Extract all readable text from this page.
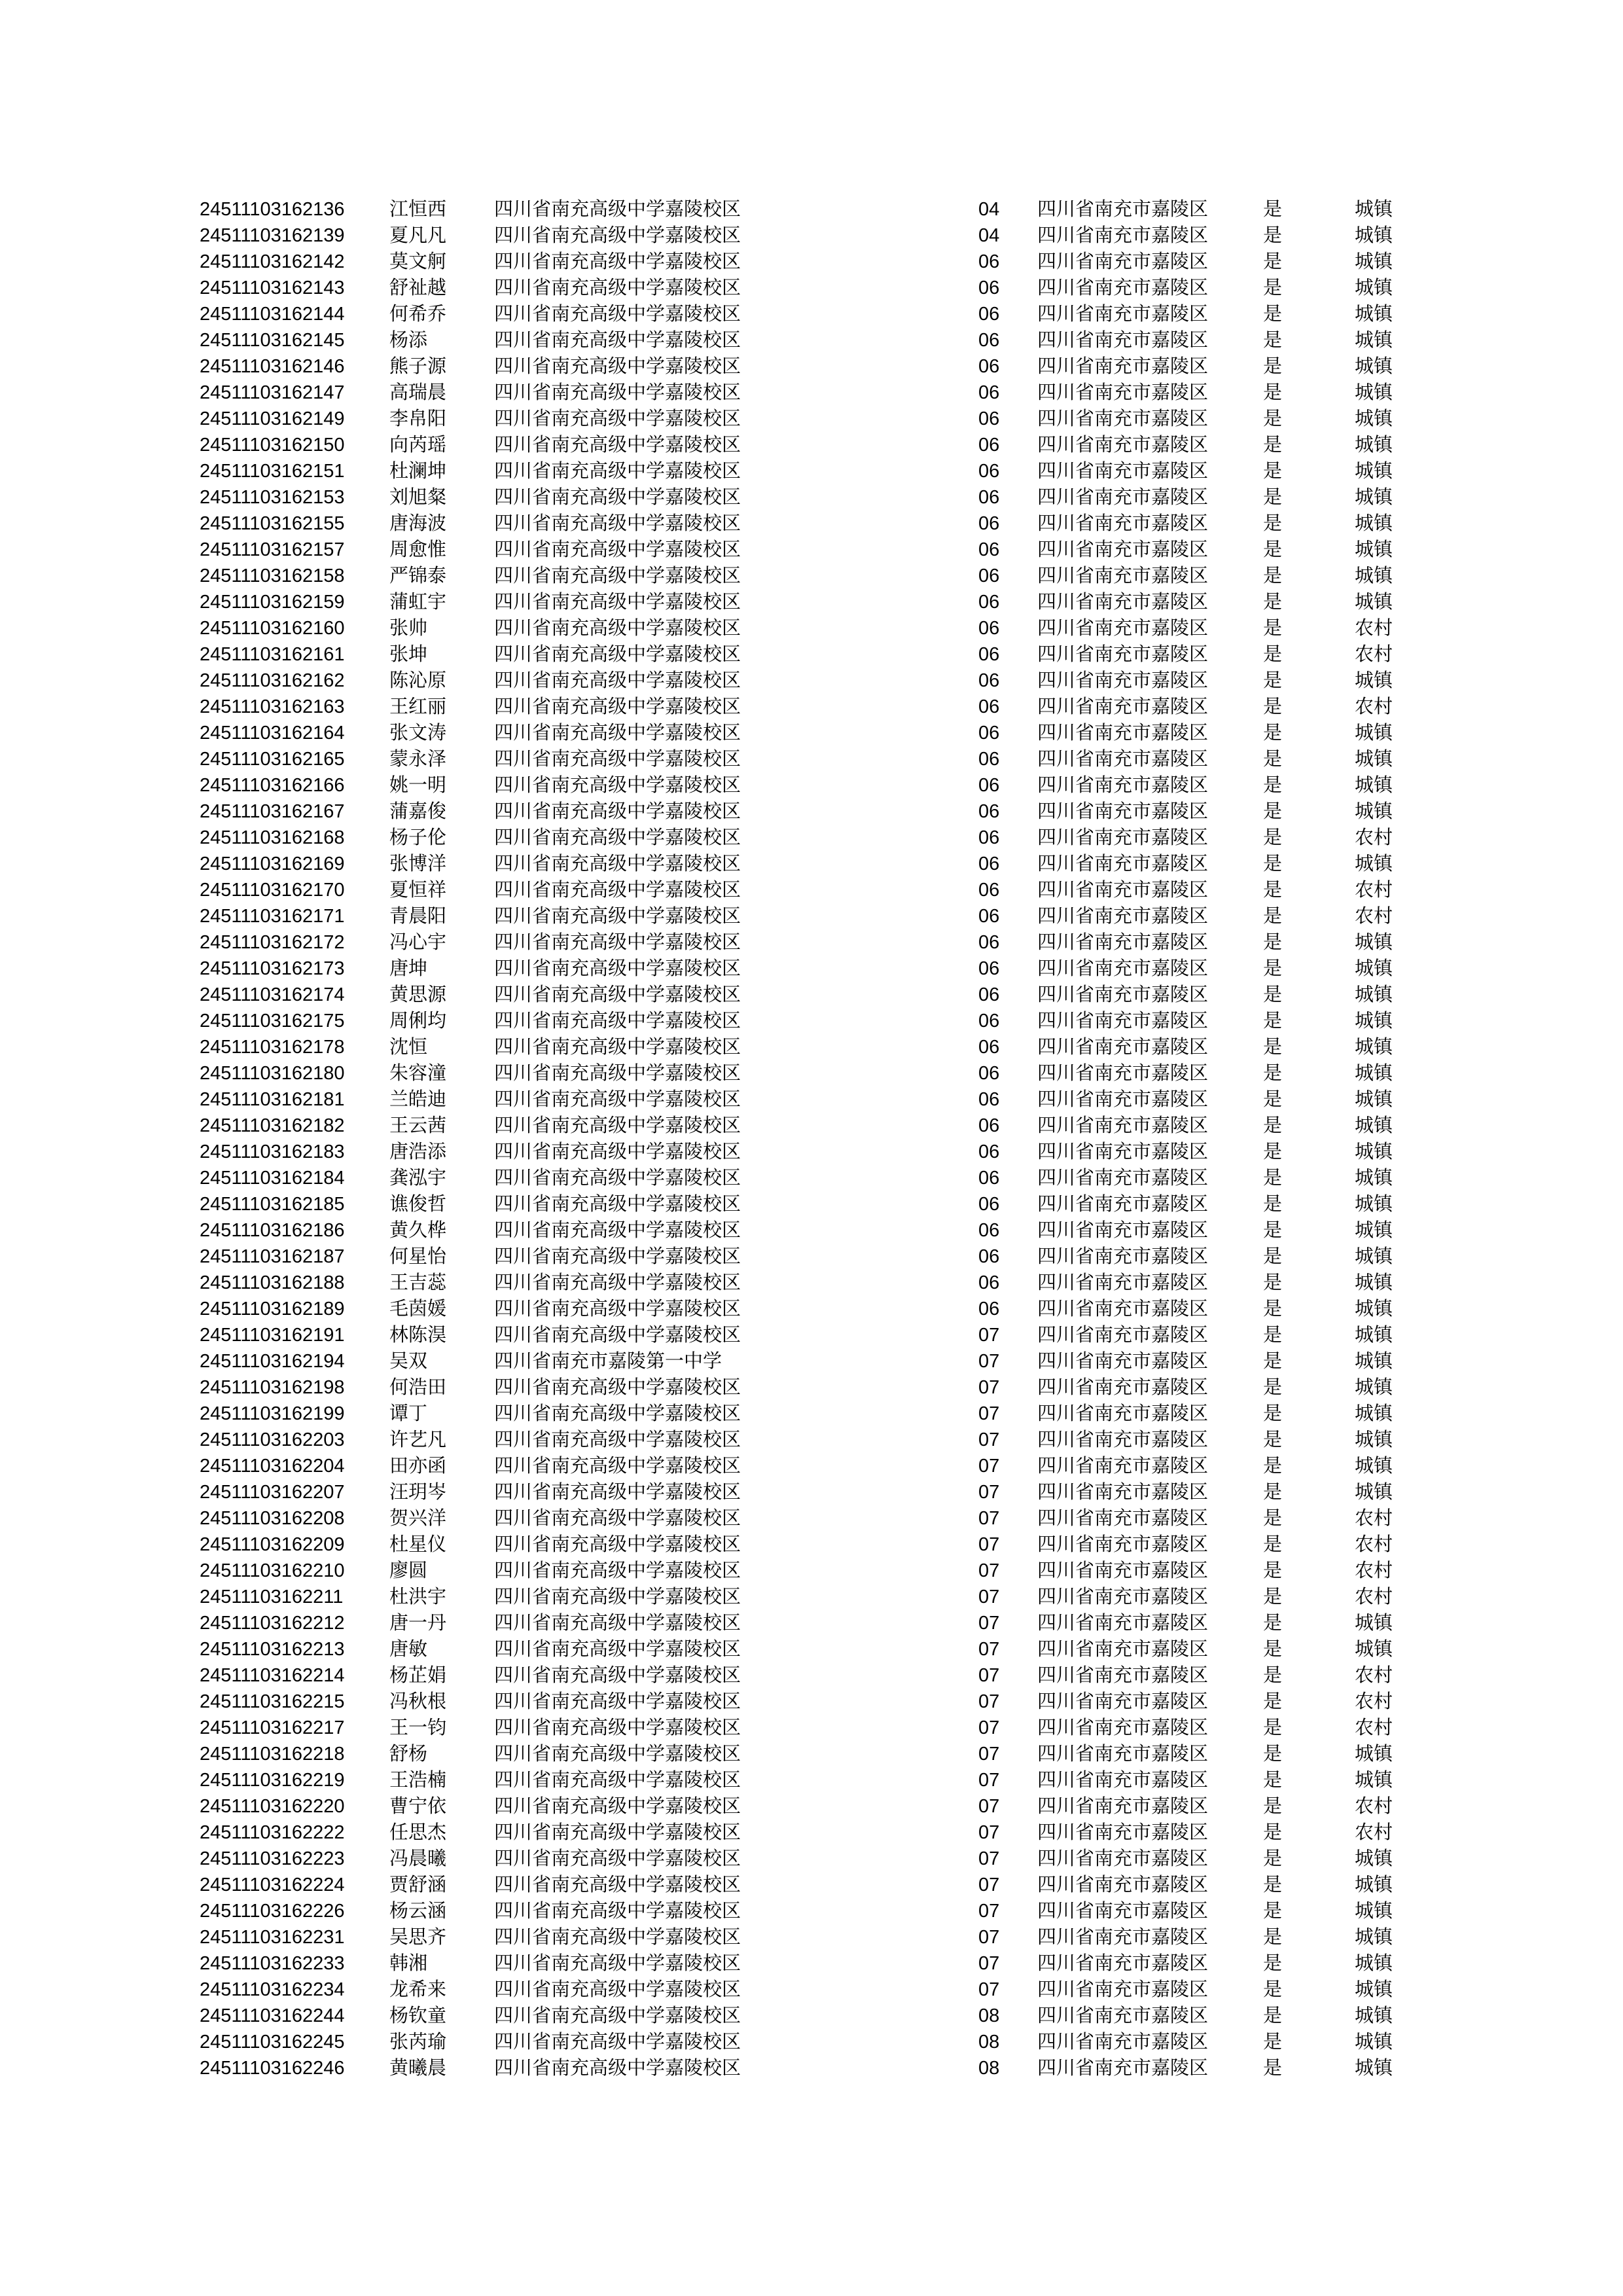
24511103162136	江恒西	四川省南充高级中学嘉陵校区	04	四川省南充市嘉陵区	是	城镇
24511103162139	夏凡凡	四川省南充高级中学嘉陵校区	04	四川省南充市嘉陵区	是	城镇
24511103162142	莫文舸	四川省南充高级中学嘉陵校区	06	四川省南充市嘉陵区	是	城镇
24511103162143	舒祉越	四川省南充高级中学嘉陵校区	06	四川省南充市嘉陵区	是	城镇
24511103162144	何希乔	四川省南充高级中学嘉陵校区	06	四川省南充市嘉陵区	是	城镇
24511103162145	杨添	四川省南充高级中学嘉陵校区	06	四川省南充市嘉陵区	是	城镇
24511103162146	熊子源	四川省南充高级中学嘉陵校区	06	四川省南充市嘉陵区	是	城镇
24511103162147	高瑞晨	四川省南充高级中学嘉陵校区	06	四川省南充市嘉陵区	是	城镇
24511103162149	李帛阳	四川省南充高级中学嘉陵校区	06	四川省南充市嘉陵区	是	城镇
24511103162150	向芮瑶	四川省南充高级中学嘉陵校区	06	四川省南充市嘉陵区	是	城镇
24511103162151	杜澜坤	四川省南充高级中学嘉陵校区	06	四川省南充市嘉陵区	是	城镇
24511103162153	刘旭粲	四川省南充高级中学嘉陵校区	06	四川省南充市嘉陵区	是	城镇
24511103162155	唐海波	四川省南充高级中学嘉陵校区	06	四川省南充市嘉陵区	是	城镇
24511103162157	周愈惟	四川省南充高级中学嘉陵校区	06	四川省南充市嘉陵区	是	城镇
24511103162158	严锦泰	四川省南充高级中学嘉陵校区	06	四川省南充市嘉陵区	是	城镇
24511103162159	蒲虹宇	四川省南充高级中学嘉陵校区	06	四川省南充市嘉陵区	是	城镇
24511103162160	张帅	四川省南充高级中学嘉陵校区	06	四川省南充市嘉陵区	是	农村
24511103162161	张坤	四川省南充高级中学嘉陵校区	06	四川省南充市嘉陵区	是	农村
24511103162162	陈沁原	四川省南充高级中学嘉陵校区	06	四川省南充市嘉陵区	是	城镇
24511103162163	王红丽	四川省南充高级中学嘉陵校区	06	四川省南充市嘉陵区	是	农村
24511103162164	张文涛	四川省南充高级中学嘉陵校区	06	四川省南充市嘉陵区	是	城镇
24511103162165	蒙永泽	四川省南充高级中学嘉陵校区	06	四川省南充市嘉陵区	是	城镇
24511103162166	姚一明	四川省南充高级中学嘉陵校区	06	四川省南充市嘉陵区	是	城镇
24511103162167	蒲嘉俊	四川省南充高级中学嘉陵校区	06	四川省南充市嘉陵区	是	城镇
24511103162168	杨子伦	四川省南充高级中学嘉陵校区	06	四川省南充市嘉陵区	是	农村
24511103162169	张博洋	四川省南充高级中学嘉陵校区	06	四川省南充市嘉陵区	是	城镇
24511103162170	夏恒祥	四川省南充高级中学嘉陵校区	06	四川省南充市嘉陵区	是	农村
24511103162171	青晨阳	四川省南充高级中学嘉陵校区	06	四川省南充市嘉陵区	是	农村
24511103162172	冯心宇	四川省南充高级中学嘉陵校区	06	四川省南充市嘉陵区	是	城镇
24511103162173	唐坤	四川省南充高级中学嘉陵校区	06	四川省南充市嘉陵区	是	城镇
24511103162174	黄思源	四川省南充高级中学嘉陵校区	06	四川省南充市嘉陵区	是	城镇
24511103162175	周俐均	四川省南充高级中学嘉陵校区	06	四川省南充市嘉陵区	是	城镇
24511103162178	沈恒	四川省南充高级中学嘉陵校区	06	四川省南充市嘉陵区	是	城镇
24511103162180	朱容潼	四川省南充高级中学嘉陵校区	06	四川省南充市嘉陵区	是	城镇
24511103162181	兰皓迪	四川省南充高级中学嘉陵校区	06	四川省南充市嘉陵区	是	城镇
24511103162182	王云茜	四川省南充高级中学嘉陵校区	06	四川省南充市嘉陵区	是	城镇
24511103162183	唐浩添	四川省南充高级中学嘉陵校区	06	四川省南充市嘉陵区	是	城镇
24511103162184	龚泓宇	四川省南充高级中学嘉陵校区	06	四川省南充市嘉陵区	是	城镇
24511103162185	谯俊哲	四川省南充高级中学嘉陵校区	06	四川省南充市嘉陵区	是	城镇
24511103162186	黄久桦	四川省南充高级中学嘉陵校区	06	四川省南充市嘉陵区	是	城镇
24511103162187	何星怡	四川省南充高级中学嘉陵校区	06	四川省南充市嘉陵区	是	城镇
24511103162188	王吉蕊	四川省南充高级中学嘉陵校区	06	四川省南充市嘉陵区	是	城镇
24511103162189	毛茵媛	四川省南充高级中学嘉陵校区	06	四川省南充市嘉陵区	是	城镇
24511103162191	林陈淏	四川省南充高级中学嘉陵校区	07	四川省南充市嘉陵区	是	城镇
24511103162194	吴双	四川省南充市嘉陵第一中学	07	四川省南充市嘉陵区	是	城镇
24511103162198	何浩田	四川省南充高级中学嘉陵校区	07	四川省南充市嘉陵区	是	城镇
24511103162199	谭丁	四川省南充高级中学嘉陵校区	07	四川省南充市嘉陵区	是	城镇
24511103162203	许艺凡	四川省南充高级中学嘉陵校区	07	四川省南充市嘉陵区	是	城镇
24511103162204	田亦函	四川省南充高级中学嘉陵校区	07	四川省南充市嘉陵区	是	城镇
24511103162207	汪玥岑	四川省南充高级中学嘉陵校区	07	四川省南充市嘉陵区	是	城镇
24511103162208	贺兴洋	四川省南充高级中学嘉陵校区	07	四川省南充市嘉陵区	是	农村
24511103162209	杜星仪	四川省南充高级中学嘉陵校区	07	四川省南充市嘉陵区	是	农村
24511103162210	廖圆	四川省南充高级中学嘉陵校区	07	四川省南充市嘉陵区	是	农村
24511103162211	杜洪宇	四川省南充高级中学嘉陵校区	07	四川省南充市嘉陵区	是	农村
24511103162212	唐一丹	四川省南充高级中学嘉陵校区	07	四川省南充市嘉陵区	是	城镇
24511103162213	唐敏	四川省南充高级中学嘉陵校区	07	四川省南充市嘉陵区	是	城镇
24511103162214	杨芷娟	四川省南充高级中学嘉陵校区	07	四川省南充市嘉陵区	是	农村
24511103162215	冯秋根	四川省南充高级中学嘉陵校区	07	四川省南充市嘉陵区	是	农村
24511103162217	王一钧	四川省南充高级中学嘉陵校区	07	四川省南充市嘉陵区	是	农村
24511103162218	舒杨	四川省南充高级中学嘉陵校区	07	四川省南充市嘉陵区	是	城镇
24511103162219	王浩楠	四川省南充高级中学嘉陵校区	07	四川省南充市嘉陵区	是	城镇
24511103162220	曹宁依	四川省南充高级中学嘉陵校区	07	四川省南充市嘉陵区	是	农村
24511103162222	任思杰	四川省南充高级中学嘉陵校区	07	四川省南充市嘉陵区	是	农村
24511103162223	冯晨曦	四川省南充高级中学嘉陵校区	07	四川省南充市嘉陵区	是	城镇
24511103162224	贾舒涵	四川省南充高级中学嘉陵校区	07	四川省南充市嘉陵区	是	城镇
24511103162226	杨云涵	四川省南充高级中学嘉陵校区	07	四川省南充市嘉陵区	是	城镇
24511103162231	吴思齐	四川省南充高级中学嘉陵校区	07	四川省南充市嘉陵区	是	城镇
24511103162233	韩湘	四川省南充高级中学嘉陵校区	07	四川省南充市嘉陵区	是	城镇
24511103162234	龙希来	四川省南充高级中学嘉陵校区	07	四川省南充市嘉陵区	是	城镇
24511103162244	杨钦童	四川省南充高级中学嘉陵校区	08	四川省南充市嘉陵区	是	城镇
24511103162245	张芮瑜	四川省南充高级中学嘉陵校区	08	四川省南充市嘉陵区	是	城镇
24511103162246	黄曦晨	四川省南充高级中学嘉陵校区	08	四川省南充市嘉陵区	是	城镇
